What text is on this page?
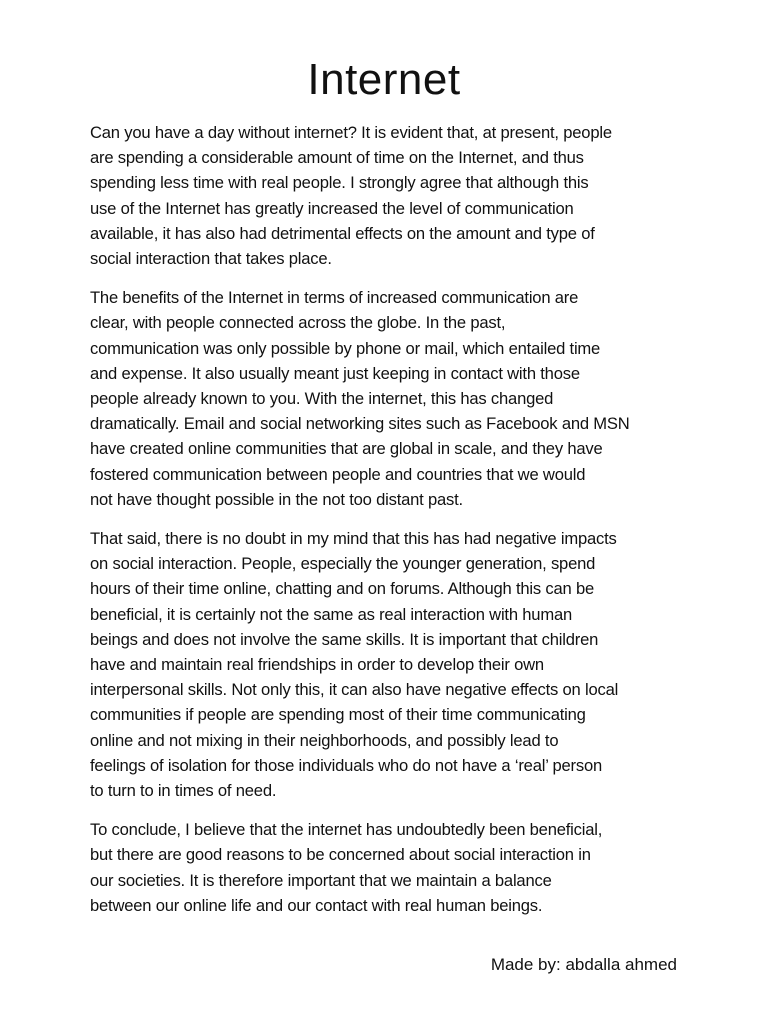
Internet

Can you have a day without internet? It is evident that, at present, people
are spending a considerable amount of time on the Internet, and thus
spending less time with real people. I strongly agree that although this
use of the Internet has greatly increased the level of communication
available, it has also had detrimental effects on the amount and type of
social interaction that takes place.

The benefits of the Internet in terms of increased communication are
clear, with people connected across the globe. In the past,
communication was only possible by phone or mail, which entailed time
and expense. It also usually meant just keeping in contact with those
people already known to you. With the internet, this has changed
dramatically. Email and social networking sites such as Facebook and MSN
have created online communities that are global in scale, and they have
fostered communication between people and countries that we would
not have thought possible in the not too distant past.

That said, there is no doubt in my mind that this has had negative impacts
on social interaction. People, especially the younger generation, spend
hours of their time online, chatting and on forums. Although this can be
beneficial, it is certainly not the same as real interaction with human
beings and does not involve the same skills. It is important that children
have and maintain real friendships in order to develop their own
interpersonal skills. Not only this, it can also have negative effects on local
communities if people are spending most of their time communicating
online and not mixing in their neighborhoods, and possibly lead to
feelings of isolation for those individuals who do not have a ‘real’ person
to turn to in times of need.

To conclude, I believe that the internet has undoubtedly been beneficial,
but there are good reasons to be concerned about social interaction in
our societies. It is therefore important that we maintain a balance
between our online life and our contact with real human beings.

Made by: abdalla ahmed
